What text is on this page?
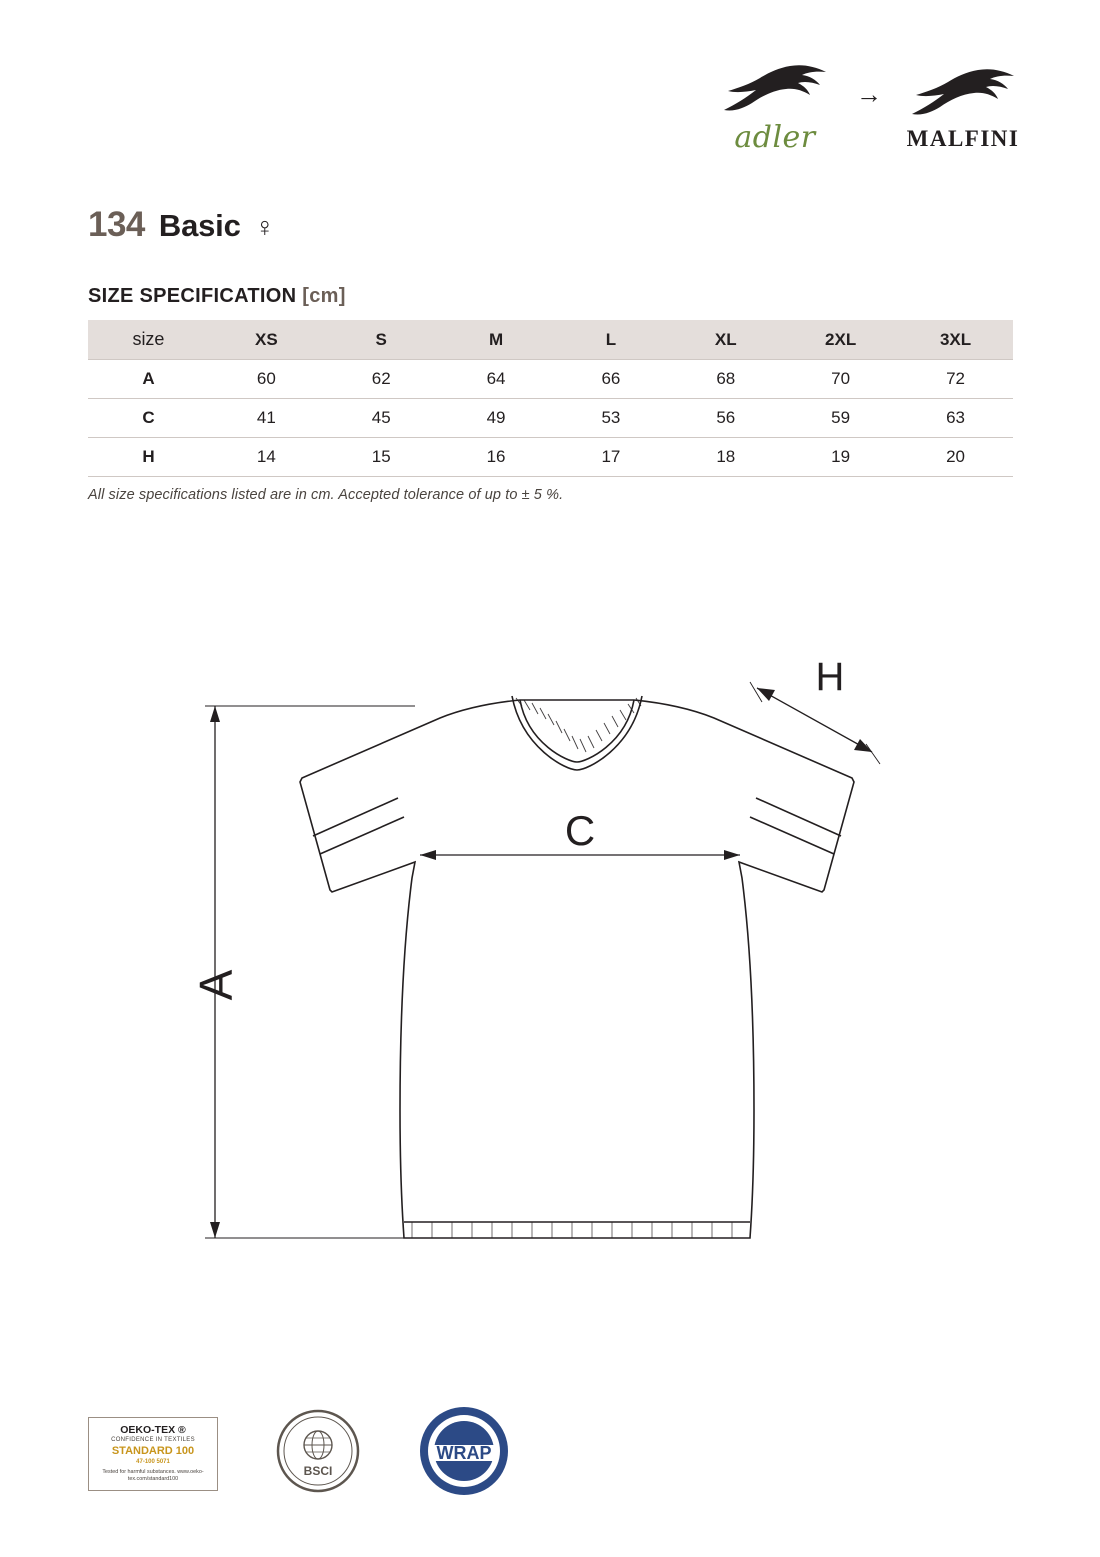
adler
→
MALFINI
134 Basic ♀
SIZE SPECIFICATION [cm]
size	XS	S	M	L	XL	2XL	3XL
A	60	62	64	66	68	70	72
C	41	45	49	53	56	59	63
H	14	15	16	17	18	19	20
All size specifications listed are in cm. Accepted tolerance of up to ± 5 %.
A
C
H
OEKO-TEX ®
CONFIDENCE IN TEXTILES
STANDARD 100
47-100 5071
Tested for harmful substances. www.oeko-tex.com/standard100
BSCI
WRAP
